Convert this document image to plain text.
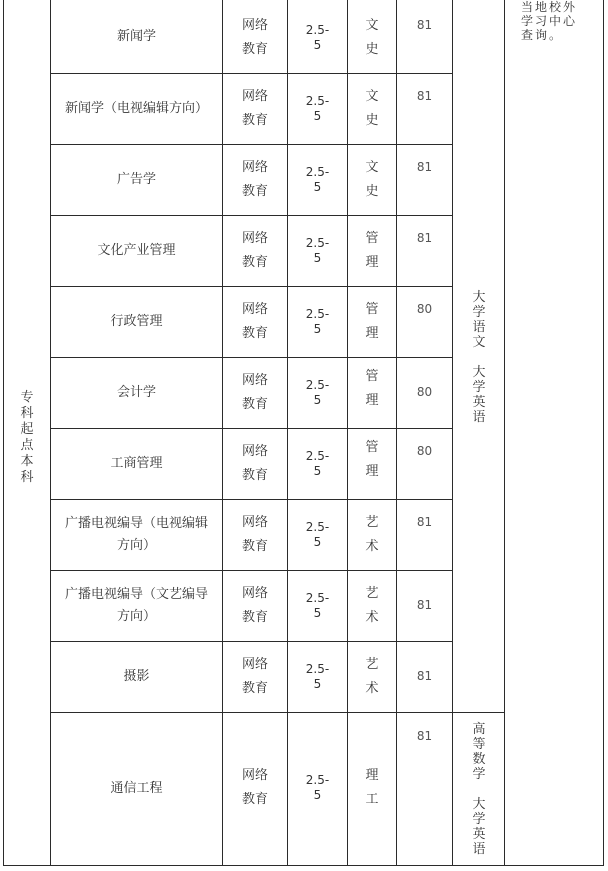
专
科
起
点
本
科
新闻学
网络
教育
2.5-
5
文
史
81
新闻学（电视编辑方向）
网络
教育
2.5-
5
文
史
81
广告学
网络
教育
2.5-
5
文
史
81
文化产业管理
网络
教育
2.5-
5
管
理
81
行政管理
网络
教育
2.5-
5
管
理
80
会计学
网络
教育
2.5-
5
管
理
80
工商管理
网络
教育
2.5-
5
管
理
80
广播电视编导（电视编辑
方向）
网络
教育
2.5-
5
艺
术
81
广播电视编导（文艺编导
方向）
网络
教育
2.5-
5
艺
术
81
摄影
网络
教育
2.5-
5
艺
术
81
通信工程
网络
教育
2.5-
5
理
工
81
大
学
语
文

大
学
英
语
高
等
数
学

大
学
英
语
当地校外
学习中心
查询。
